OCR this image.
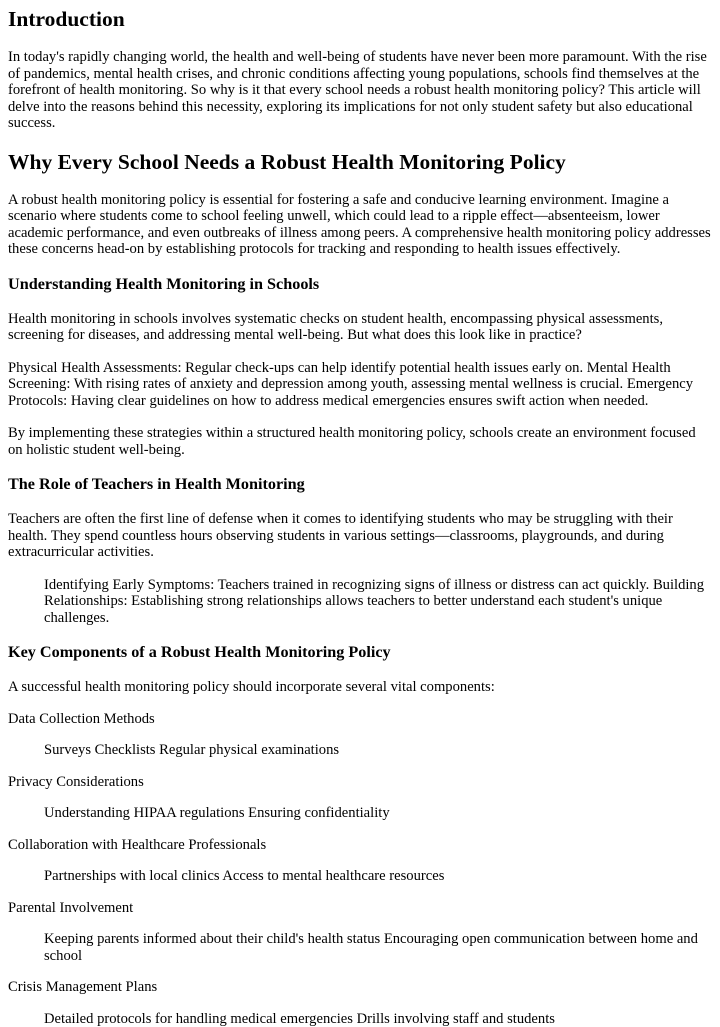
Introduction

In today's rapidly changing world, the health and well-being of students have never been more paramount. With the rise of pandemics, mental health crises, and chronic conditions affecting young populations, schools find themselves at the forefront of health monitoring. So why is it that every school needs a robust health monitoring policy? This article will delve into the reasons behind this necessity, exploring its implications for not only student safety but also educational success.

Why Every School Needs a Robust Health Monitoring Policy

A robust health monitoring policy is essential for fostering a safe and conducive learning environment. Imagine a scenario where students come to school feeling unwell, which could lead to a ripple effect—absenteeism, lower academic performance, and even outbreaks of illness among peers. A comprehensive health monitoring policy addresses these concerns head-on by establishing protocols for tracking and responding to health issues effectively.

Understanding Health Monitoring in Schools

Health monitoring in schools involves systematic checks on student health, encompassing physical assessments, screening for diseases, and addressing mental well-being. But what does this look like in practice?

Physical Health Assessments: Regular check-ups can help identify potential health issues early on. Mental Health Screening: With rising rates of anxiety and depression among youth, assessing mental wellness is crucial. Emergency Protocols: Having clear guidelines on how to address medical emergencies ensures swift action when needed.

By implementing these strategies within a structured health monitoring policy, schools create an environment focused on holistic student well-being.

The Role of Teachers in Health Monitoring

Teachers are often the first line of defense when it comes to identifying students who may be struggling with their health. They spend countless hours observing students in various settings—classrooms, playgrounds, and during extracurricular activities.

Identifying Early Symptoms: Teachers trained in recognizing signs of illness or distress can act quickly. Building Relationships: Establishing strong relationships allows teachers to better understand each student's unique challenges.

Key Components of a Robust Health Monitoring Policy

A successful health monitoring policy should incorporate several vital components:

Data Collection Methods

Surveys Checklists Regular physical examinations

Privacy Considerations

Understanding HIPAA regulations Ensuring confidentiality

Collaboration with Healthcare Professionals

Partnerships with local clinics Access to mental healthcare resources

Parental Involvement

Keeping parents informed about their child's health status Encouraging open communication between home and school

Crisis Management Plans

Detailed protocols for handling medical emergencies Drills involving staff and students
